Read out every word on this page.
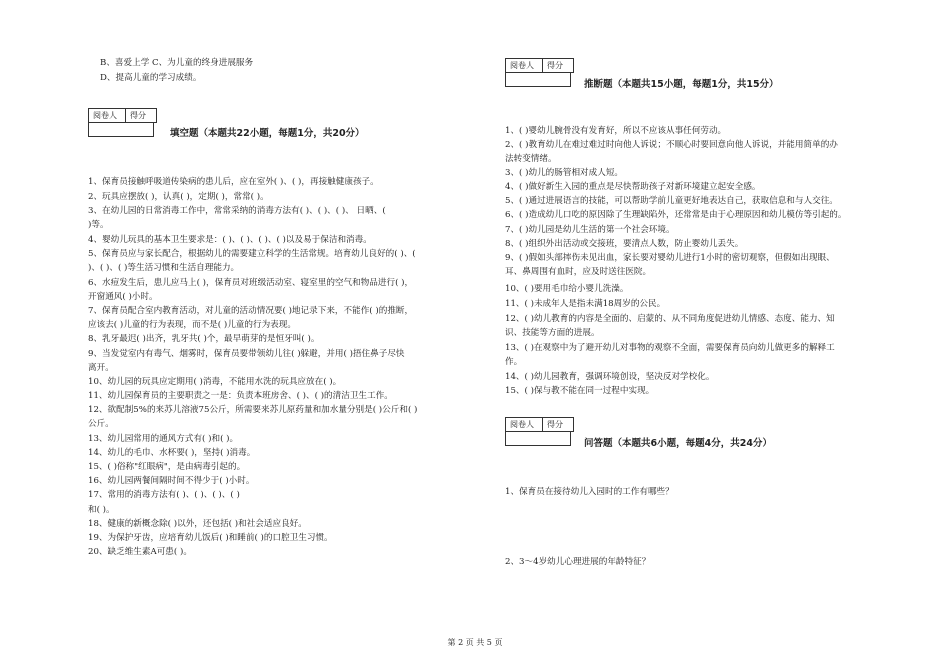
B、喜爱上学 C、为儿童的终身进展服务
D、提高儿童的学习成绩。
阅卷人	得分
填空题（本题共22小题，每题1分，共20分）
1、保育员接触呼吸道传染病的患儿后，应在室外( )、( )，再接触健康孩子。
2、玩具应摆放( )，认真( )，定期( )，常常( )。
3、在幼儿园的日常消毒工作中，常常采纳的消毒方法有( )、( )、( )、 日晒、(
)等。
4、婴幼儿玩具的基本卫生要求是：( )、( )、( )、( )以及易于保洁和消毒。
5、保育员应与家长配合，根据幼儿的需要建立科学的生活常规。培育幼儿良好的( )、(
)、( )、( )等生活习惯和生活自理能力。
6、水痘发生后，患儿应马上( )，保育员对班级活动室、寝室里的空气和物品进行( )，
开窗通风( )小时。
7、保育员配合室内教育活动，对儿童的活动情况要( )地记录下来，不能作( )的推断，
应该去( )儿童的行为表现，而不是( )儿童的行为表现。
8、乳牙最迟( )出齐，乳牙共( )个，最早萌芽的是恒牙叫( )。
9、当发觉室内有毒气、烟雾时，保育员要带领幼儿往( )躲避，并用( )捂住鼻子尽快
离开。
10、幼儿园的玩具应定期用( )消毒，不能用水洗的玩具应放在( )。
11、幼儿园保育员的主要职责之一是：负责本班房舍、( )、( )的清洁卫生工作。
12、欲配制5%的来苏儿溶液75公斤，所需要来苏儿原药量和加水量分别是( )公斤和( )
公斤。
13、幼儿园常用的通风方式有( )和( )。
14、幼儿的毛巾、水杯要( )，坚持( )消毒。
15、( )俗称"红眼病"，是由病毒引起的。
16、幼儿园两餐间隔时间不得少于( )小时。
17、常用的消毒方法有( )、( )、( )、( )
和( )。
18、健康的新概念除( )以外，还包括( )和社会适应良好。
19、为保护牙齿，应培育幼儿饭后( )和睡前( )的口腔卫生习惯。
20、缺乏维生素A可患( )。
阅卷人	得分
推断题（本题共15小题，每题1分，共15分）
1、( )婴幼儿腕骨没有发育好，所以不应该从事任何劳动。
2、( )教育幼儿在难过难过时向他人诉说；不顺心时要回意向他人诉说，并能用简单的办
法转变情绪。
3、( )幼儿的肠管相对成人短。
4、( )做好新生入园的重点是尽快帮助孩子对新环境建立起安全感。
5、( )通过进展语言的技能，可以帮助学前儿童更好地表达自己，获取信息和与人交往。
6、( )造成幼儿口吃的原因除了生理缺陷外，还常常是由于心理原因和幼儿模仿等引起的。
7、( )幼儿园是幼儿生活的第一个社会环境。
8、( )组织外出活动或交接班，要清点人数，防止婴幼儿丢失。
9、( )假如头部摔伤未见出血，家长要对婴幼儿进行1小时的密切观察，但假如出现眼、
耳、鼻周围有血时，应及时送往医院。
10、( )要用毛巾给小婴儿洗澡。
11、( )未成年人是指未满18周岁的公民。
12、( )幼儿教育的内容是全面的、启蒙的、从不同角度促进幼儿情感、态度、能力、知
识、技能等方面的进展。
13、( )在观察中为了避开幼儿对事物的观察不全面，需要保育员向幼儿做更多的解释工
作。
14、( )幼儿园教育，强调环境创设，坚决反对学校化。
15、( )保与教不能在同一过程中实现。
阅卷人	得分
问答题（本题共6小题，每题4分，共24分）
1、保育员在接待幼儿入园时的工作有哪些？
2、3～4岁幼儿心理进展的年龄特征？
第 2 页 共 5 页
